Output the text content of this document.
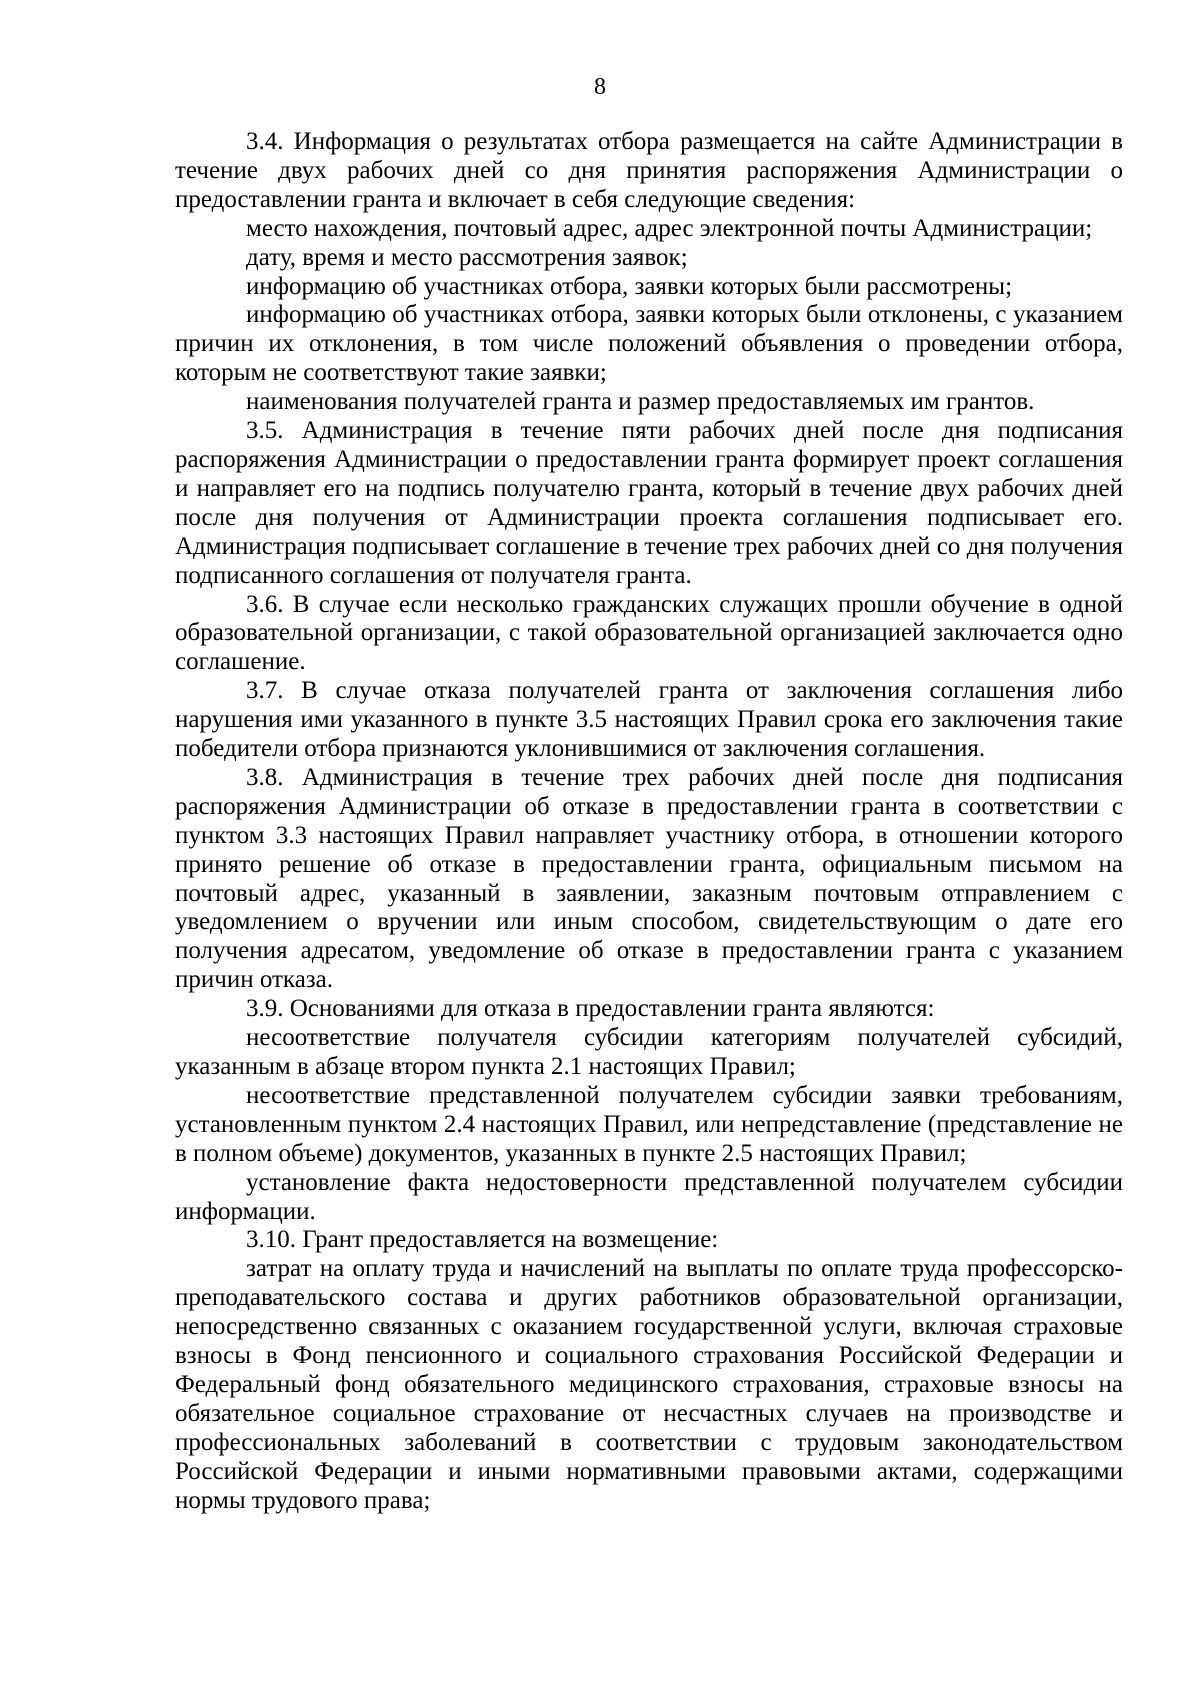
8

3.4. Информация о результатах отбора размещается на сайте Администрации в течение двух рабочих дней со дня принятия распоряжения Администрации о предоставлении гранта и включает в себя следующие сведения:

место нахождения, почтовый адрес, адрес электронной почты Администрации;

дату, время и место рассмотрения заявок;

информацию об участниках отбора, заявки которых были рассмотрены;

информацию об участниках отбора, заявки которых были отклонены, с указанием причин их отклонения, в том числе положений объявления о проведении отбора, которым не соответствуют такие заявки;

наименования получателей гранта и размер предоставляемых им грантов.

3.5. Администрация в течение пяти рабочих дней после дня подписания распоряжения Администрации о предоставлении гранта формирует проект соглашения и направляет его на подпись получателю гранта, который в течение двух рабочих дней после дня получения от Администрации проекта соглашения подписывает его. Администрация подписывает соглашение в течение трех рабочих дней со дня получения подписанного соглашения от получателя гранта.

3.6. В случае если несколько гражданских служащих прошли обучение в одной образовательной организации, с такой образовательной организацией заключается одно соглашение.

3.7. В случае отказа получателей гранта от заключения соглашения либо нарушения ими указанного в пункте 3.5 настоящих Правил срока его заключения такие победители отбора признаются уклонившимися от заключения соглашения.

3.8. Администрация в течение трех рабочих дней после дня подписания распоряжения Администрации об отказе в предоставлении гранта в соответствии с пунктом 3.3 настоящих Правил направляет участнику отбора, в отношении которого принято решение об отказе в предоставлении гранта, официальным письмом на почтовый адрес, указанный в заявлении, заказным почтовым отправлением с уведомлением о вручении или иным способом, свидетельствующим о дате его получения адресатом, уведомление об отказе в предоставлении гранта с указанием причин отказа.

3.9. Основаниями для отказа в предоставлении гранта являются:

несоответствие получателя субсидии категориям получателей субсидий, указанным в абзаце втором пункта 2.1 настоящих Правил;

несоответствие представленной получателем субсидии заявки требованиям, установленным пунктом 2.4 настоящих Правил, или непредставление (представление не в полном объеме) документов, указанных в пункте 2.5 настоящих Правил;

установление факта недостоверности представленной получателем субсидии информации.

3.10. Грант предоставляется на возмещение:

затрат на оплату труда и начислений на выплаты по оплате труда профессорско-преподавательского состава и других работников образовательной организации, непосредственно связанных с оказанием государственной услуги, включая страховые взносы в Фонд пенсионного и социального страхования Российской Федерации и Федеральный фонд обязательного медицинского страхования, страховые взносы на обязательное социальное страхование от несчастных случаев на производстве и профессиональных заболеваний в соответствии с трудовым законодательством Российской Федерации и иными нормативными правовыми актами, содержащими нормы трудового права;
